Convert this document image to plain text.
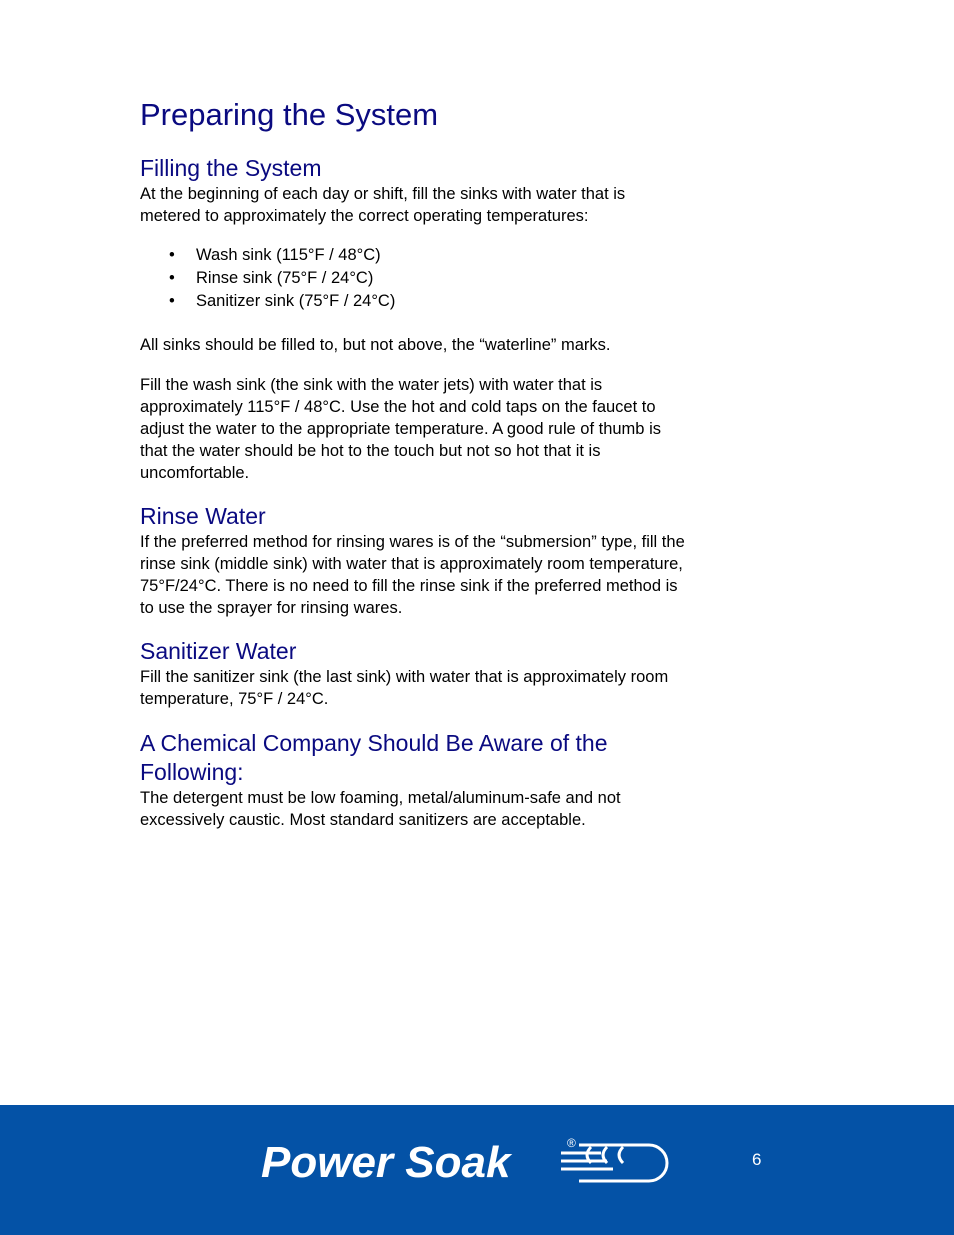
Preparing the System
Filling the System

At the beginning of each day or shift, fill the sinks with water that is
metered to approximately the correct operating temperatures:

• Wash sink (115°F / 48°C)
• Rinse sink (75°F / 24°C)
• Sanitizer sink (75°F / 24°C)

All sinks should be filled to, but not above, the “waterline” marks.

Fill the wash sink (the sink with the water jets) with water that is
approximately 115°F / 48°C. Use the hot and cold taps on the faucet to
adjust the water to the appropriate temperature. A good rule of thumb is
that the water should be hot to the touch but not so hot that it is
uncomfortable.

Rinse Water

If the preferred method for rinsing wares is of the “submersion” type, fill the
rinse sink (middle sink) with water that is approximately room temperature,
75°F/24°C. There is no need to fill the rinse sink if the preferred method is
to use the sprayer for rinsing wares.

Sanitizer Water

Fill the sanitizer sink (the last sink) with water that is approximately room
temperature, 75°F / 24°C.

A Chemical Company Should Be Aware of the
Following:

The detergent must be low foaming, metal/aluminum-safe and not
excessively caustic. Most standard sanitizers are acceptable.

Power Soak	®
6
